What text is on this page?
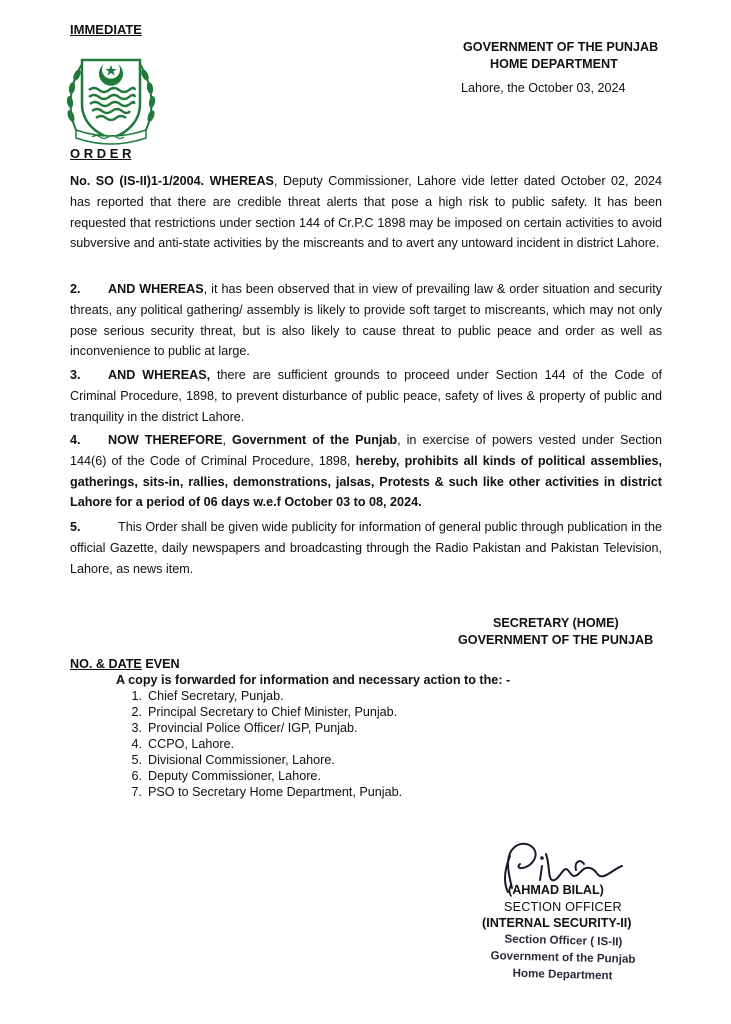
IMMEDIATE
GOVERNMENT OF THE PUNJAB
HOME DEPARTMENT
Lahore, the October 03, 2024
O R D E R

No. SO (IS-II)1-1/2004. WHEREAS, Deputy Commissioner, Lahore vide letter dated October 02, 2024 has reported that there are credible threat alerts that pose a high risk to public safety. It has been requested that restrictions under section 144 of Cr.P.C 1898 may be imposed on certain activities to avoid subversive and anti-state activities by the miscreants and to avert any untoward incident in district Lahore.

2. AND WHEREAS, it has been observed that in view of prevailing law & order situation and security threats, any political gathering/ assembly is likely to provide soft target to miscreants, which may not only pose serious security threat, but is also likely to cause threat to public peace and order as well as inconvenience to public at large.

3. AND WHEREAS, there are sufficient grounds to proceed under Section 144 of the Code of Criminal Procedure, 1898, to prevent disturbance of public peace, safety of lives & property of public and tranquility in the district Lahore.

4. NOW THEREFORE, Government of the Punjab, in exercise of powers vested under Section 144(6) of the Code of Criminal Procedure, 1898, hereby, prohibits all kinds of political assemblies, gatherings, sits-in, rallies, demonstrations, jalsas, Protests & such like other activities in district Lahore for a period of 06 days w.e.f October 03 to 08, 2024.

5.	This Order shall be given wide publicity for information of general public through publication in the official Gazette, daily newspapers and broadcasting through the Radio Pakistan and Pakistan Television, Lahore, as news item.

SECRETARY (HOME)
GOVERNMENT OF THE PUNJAB
NO. & DATE EVEN
A copy is forwarded for information and necessary action to the: -
1. Chief Secretary, Punjab.
2. Principal Secretary to Chief Minister, Punjab.
3. Provincial Police Officer/ IGP, Punjab.
4. CCPO, Lahore.
5. Divisional Commissioner, Lahore.
6. Deputy Commissioner, Lahore.
7. PSO to Secretary Home Department, Punjab.
(AHMAD BILAL)
SECTION OFFICER
(INTERNAL SECURITY-II)
Section Officer ( IS-II)
Government of the Punjab
Home Department
